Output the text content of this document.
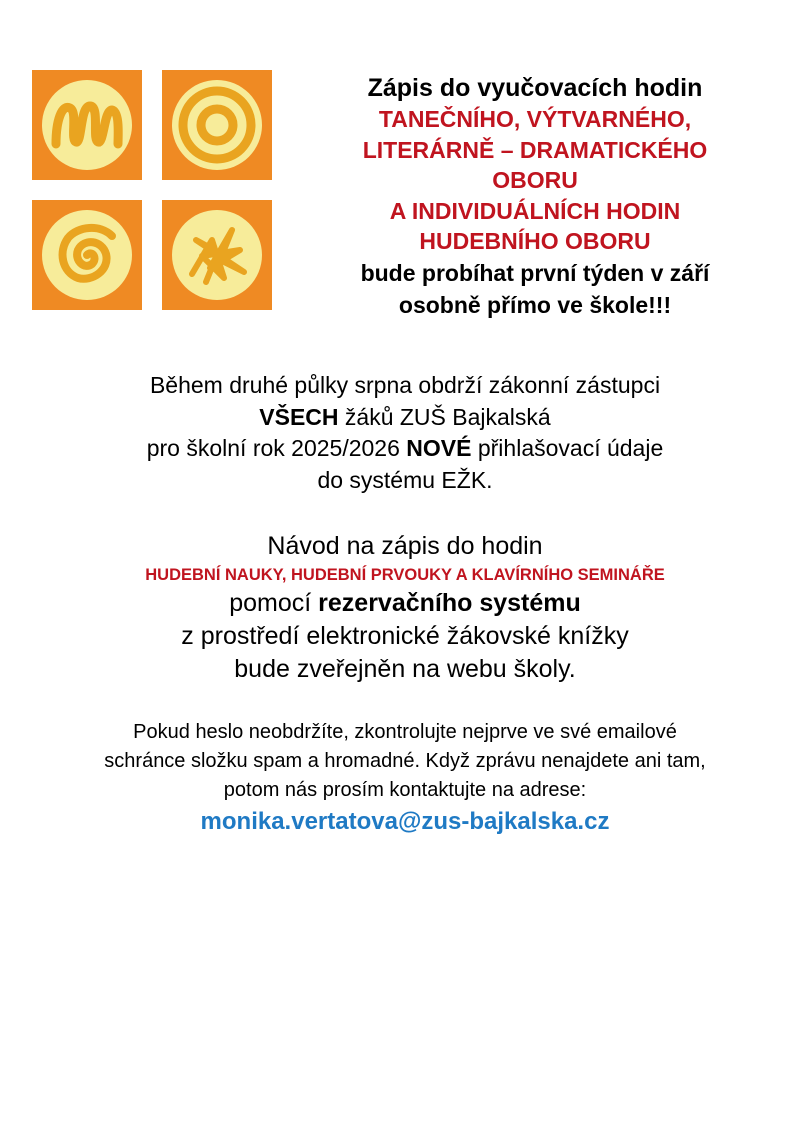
Zápis do vyučovacích hodin
TANEČNÍHO, VÝTVARNÉHO,
LITERÁRNĚ – DRAMATICKÉHO
OBORU
A INDIVIDUÁLNÍCH HODIN
HUDEBNÍHO OBORU
bude probíhat první týden v září
osobně přímo ve škole!!!
Během druhé půlky srpna obdrží zákonní zástupci
VŠECH žáků ZUŠ Bajkalská
pro školní rok 2025/2026 NOVÉ přihlašovací údaje
do systému EŽK.
Návod na zápis do hodin
HUDEBNÍ NAUKY, HUDEBNÍ PRVOUKY A KLAVÍRNÍHO SEMINÁŘE
pomocí rezervačního systému
z prostředí elektronické žákovské knížky
bude zveřejněn na webu školy.
Pokud heslo neobdržíte, zkontrolujte nejprve ve své emailové
schránce složku spam a hromadné. Když zprávu nenajdete ani tam,
potom nás prosím kontaktujte na adrese:
monika.vertatova@zus-bajkalska.cz
